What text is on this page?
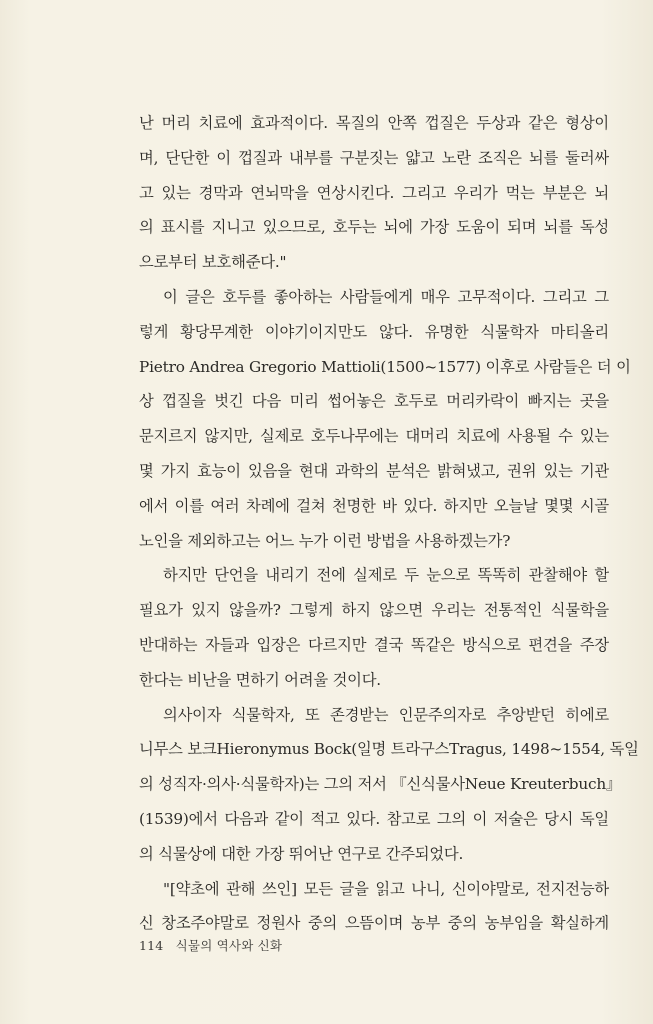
난 머리 치료에 효과적이다. 목질의 안쪽 껍질은 두상과 같은 형상이
며, 단단한 이 껍질과 내부를 구분짓는 얇고 노란 조직은 뇌를 둘러싸
고 있는 경막과 연뇌막을 연상시킨다. 그리고 우리가 먹는 부분은 뇌
의 표시를 지니고 있으므로, 호두는 뇌에 가장 도움이 되며 뇌를 독성
으로부터 보호해준다."
이 글은 호두를 좋아하는 사람들에게 매우 고무적이다. 그리고 그
렇게 황당무계한 이야기이지만도 않다. 유명한 식물학자 마티올리
Pietro Andrea Gregorio Mattioli(1500~1577) 이후로 사람들은 더 이
상 껍질을 벗긴 다음 미리 썹어놓은 호두로 머리카락이 빠지는 곳을
문지르지 않지만, 실제로 호두나무에는 대머리 치료에 사용될 수 있는
몇 가지 효능이 있음을 현대 과학의 분석은 밝혀냈고, 권위 있는 기관
에서 이를 여러 차례에 걸쳐 천명한 바 있다. 하지만 오늘날 몇몇 시골
노인을 제외하고는 어느 누가 이런 방법을 사용하겠는가?
하지만 단언을 내리기 전에 실제로 두 눈으로 똑똑히 관찰해야 할
필요가 있지 않을까? 그렇게 하지 않으면 우리는 전통적인 식물학을
반대하는 자들과 입장은 다르지만 결국 똑같은 방식으로 편견을 주장
한다는 비난을 면하기 어려울 것이다.
의사이자 식물학자, 또 존경받는 인문주의자로 추앙받던 히에로
니무스 보크Hieronymus Bock(일명 트라구스Tragus, 1498~1554, 독일
의 성직자·의사·식물학자)는 그의 저서 『신식물사Neue Kreuterbuch』
(1539)에서 다음과 같이 적고 있다. 참고로 그의 이 저술은 당시 독일
의 식물상에 대한 가장 뛰어난 연구로 간주되었다.
"[약초에 관해 쓰인] 모든 글을 읽고 나니, 신이야말로, 전지전능하
신 창조주야말로 정원사 중의 으뜸이며 농부 중의 농부임을 확실하게
114 식물의 역사와 신화
